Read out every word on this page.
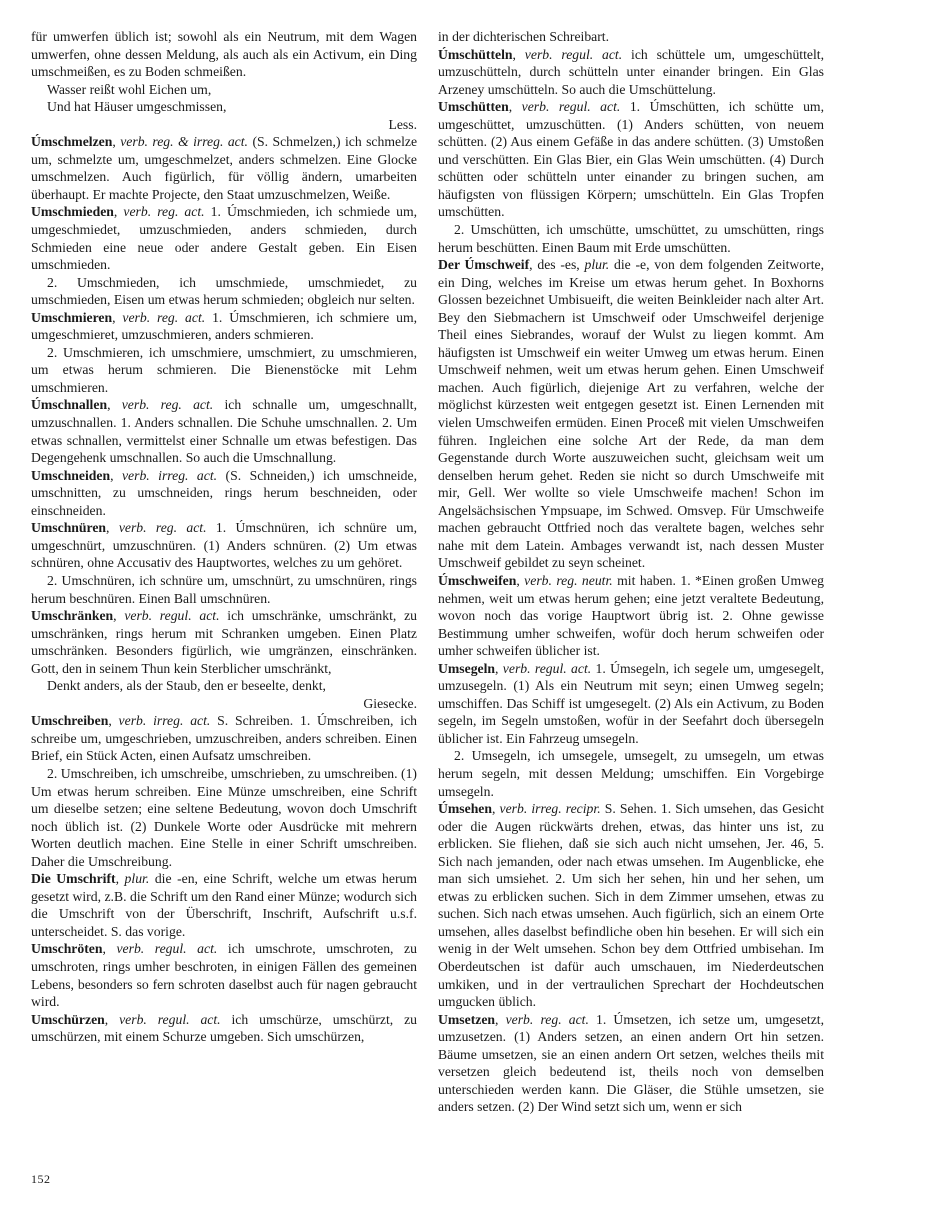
für umwerfen üblich ist; sowohl als ein Neutrum, mit dem Wagen umwerfen, ohne dessen Meldung, als auch als ein Activum, ein Ding umschmeißen, es zu Boden schmeißen.

Wasser reißt wohl Eichen um,

Und hat Häuser umgeschmissen,

Less.

Úmschmelzen, verb. reg. & irreg. act. (S. Schmelzen,) ich schmelze um, schmelzte um, umgeschmelzet, anders schmelzen. Eine Glocke umschmelzen. Auch figürlich, für völlig ändern, umarbeiten überhaupt. Er machte Projecte, den Staat umzuschmelzen, Weiße.

Umschmieden, verb. reg. act. 1. Úmschmieden, ich schmiede um, umgeschmiedet, umzuschmieden, anders schmieden, durch Schmieden eine neue oder andere Gestalt geben. Ein Eisen umschmieden.

2. Umschmieden, ich umschmiede, umschmiedet, zu umschmieden, Eisen um etwas herum schmieden; obgleich nur selten.

Umschmieren, verb. reg. act. 1. Úmschmieren, ich schmiere um, umgeschmieret, umzuschmieren, anders schmieren.

2. Umschmieren, ich umschmiere, umschmiert, zu umschmieren, um etwas herum schmieren. Die Bienenstöcke mit Lehm umschmieren.

Úmschnallen, verb. reg. act. ich schnalle um, umgeschnallt, umzuschnallen. 1. Anders schnallen. Die Schuhe umschnallen. 2. Um etwas schnallen, vermittelst einer Schnalle um etwas befestigen. Das Degengehenk umschnallen. So auch die Umschnallung.

Umschneiden, verb. irreg. act. (S. Schneiden,) ich umschneide, umschnitten, zu umschneiden, rings herum beschneiden, oder einschneiden.

Umschnüren, verb. reg. act. 1. Úmschnüren, ich schnüre um, umgeschnürt, umzuschnüren. (1) Anders schnüren. (2) Um etwas schnüren, ohne Accusativ des Hauptwortes, welches zu um gehöret.

2. Umschnüren, ich schnüre um, umschnürt, zu umschnüren, rings herum beschnüren. Einen Ball umschnüren.

Umschränken, verb. regul. act. ich umschränke, umschränkt, zu umschränken, rings herum mit Schranken umgeben. Einen Platz umschränken. Besonders figürlich, wie umgränzen, einschränken. Gott, den in seinem Thun kein Sterblicher umschränkt,

Denkt anders, als der Staub, den er beseelte, denkt,

Giesecke.

Umschreiben, verb. irreg. act. S. Schreiben. 1. Úmschreiben, ich schreibe um, umgeschrieben, umzuschreiben, anders schreiben. Einen Brief, ein Stück Acten, einen Aufsatz umschreiben.

2. Umschreiben, ich umschreibe, umschrieben, zu umschreiben. (1) Um etwas herum schreiben. Eine Münze umschreiben, eine Schrift um dieselbe setzen; eine seltene Bedeutung, wovon doch Umschrift noch üblich ist. (2) Dunkele Worte oder Ausdrücke mit mehrern Worten deutlich machen. Eine Stelle in einer Schrift umschreiben. Daher die Umschreibung.

Die Umschrift, plur. die -en, eine Schrift, welche um etwas herum gesetzt wird, z.B. die Schrift um den Rand einer Münze; wodurch sich die Umschrift von der Überschrift, Inschrift, Aufschrift u.s.f. unterscheidet. S. das vorige.

Umschröten, verb. regul. act. ich umschrote, umschroten, zu umschroten, rings umher beschroten, in einigen Fällen des gemeinen Lebens, besonders so fern schroten daselbst auch für nagen gebraucht wird.

Umschürzen, verb. regul. act. ich umschürze, umschürzt, zu umschürzen, mit einem Schurze umgeben. Sich umschürzen,

in der dichterischen Schreibart.

Úmschütteln, verb. regul. act. ich schüttele um, umgeschüttelt, umzuschütteln, durch schütteln unter einander bringen. Ein Glas Arzeney umschütteln. So auch die Umschüttelung.

Umschütten, verb. regul. act. 1. Úmschütten, ich schütte um, umgeschüttet, umzuschütten. (1) Anders schütten, von neuem schütten. (2) Aus einem Gefäße in das andere schütten. (3) Umstoßen und verschütten. Ein Glas Bier, ein Glas Wein umschütten. (4) Durch schütten oder schütteln unter einander zu bringen suchen, am häufigsten von flüssigen Körpern; umschütteln. Ein Glas Tropfen umschütten.

2. Umschütten, ich umschütte, umschüttet, zu umschütten, rings herum beschütten. Einen Baum mit Erde umschütten.

Der Úmschweif, des -es, plur. die -e, von dem folgenden Zeitworte, ein Ding, welches im Kreise um etwas herum gehet. In Boxhorns Glossen bezeichnet Umbisueift, die weiten Beinkleider nach alter Art. Bey den Siebmachern ist Umschweif oder Umschweifel derjenige Theil eines Siebrandes, worauf der Wulst zu liegen kommt. Am häufigsten ist Umschweif ein weiter Umweg um etwas herum. Einen Umschweif nehmen, weit um etwas herum gehen. Einen Umschweif machen. Auch figürlich, diejenige Art zu verfahren, welche der möglichst kürzesten weit entgegen gesetzt ist. Einen Lernenden mit vielen Umschweifen ermüden. Einen Proceß mit vielen Umschweifen führen. Ingleichen eine solche Art der Rede, da man dem Gegenstande durch Worte auszuweichen sucht, gleichsam weit um denselben herum gehet. Reden sie nicht so durch Umschweife mit mir, Gell. Wer wollte so viele Umschweife machen! Schon im Angelsächsischen Ympsuape, im Schwed. Omsvep. Für Umschweife machen gebraucht Ottfried noch das veraltete bagen, welches sehr nahe mit dem Latein. Ambages verwandt ist, nach dessen Muster Umschweif gebildet zu seyn scheinet.

Úmschweifen, verb. reg. neutr. mit haben. 1. *Einen großen Umweg nehmen, weit um etwas herum gehen; eine jetzt veraltete Bedeutung, wovon noch das vorige Hauptwort übrig ist. 2. Ohne gewisse Bestimmung umher schweifen, wofür doch herum schweifen oder umher schweifen üblicher ist.

Umsegeln, verb. regul. act. 1. Úmsegeln, ich segele um, umgesegelt, umzusegeln. (1) Als ein Neutrum mit seyn; einen Umweg segeln; umschiffen. Das Schiff ist umgesegelt. (2) Als ein Activum, zu Boden segeln, im Segeln umstoßen, wofür in der Seefahrt doch übersegeln üblicher ist. Ein Fahrzeug umsegeln.

2. Umsegeln, ich umsegele, umsegelt, zu umsegeln, um etwas herum segeln, mit dessen Meldung; umschiffen. Ein Vorgebirge umsegeln.

Úmsehen, verb. irreg. recipr. S. Sehen. 1. Sich umsehen, das Gesicht oder die Augen rückwärts drehen, etwas, das hinter uns ist, zu erblicken. Sie fliehen, daß sie sich auch nicht umsehen, Jer. 46, 5. Sich nach jemanden, oder nach etwas umsehen. Im Augenblicke, ehe man sich umsiehet. 2. Um sich her sehen, hin und her sehen, um etwas zu erblicken suchen. Sich in dem Zimmer umsehen, etwas zu suchen. Sich nach etwas umsehen. Auch figürlich, sich an einem Orte umsehen, alles daselbst befindliche oben hin besehen. Er will sich ein wenig in der Welt umsehen. Schon bey dem Ottfried umbisehan. Im Oberdeutschen ist dafür auch umschauen, im Niederdeutschen umkiken, und in der vertraulichen Sprechart der Hochdeutschen umgucken üblich.

Umsetzen, verb. reg. act. 1. Úmsetzen, ich setze um, umgesetzt, umzusetzen. (1) Anders setzen, an einen andern Ort hin setzen. Bäume umsetzen, sie an einen andern Ort setzen, welches theils mit versetzen gleich bedeutend ist, theils noch von demselben unterschieden werden kann. Die Gläser, die Stühle umsetzen, sie anders setzen. (2) Der Wind setzt sich um, wenn er sich

152
